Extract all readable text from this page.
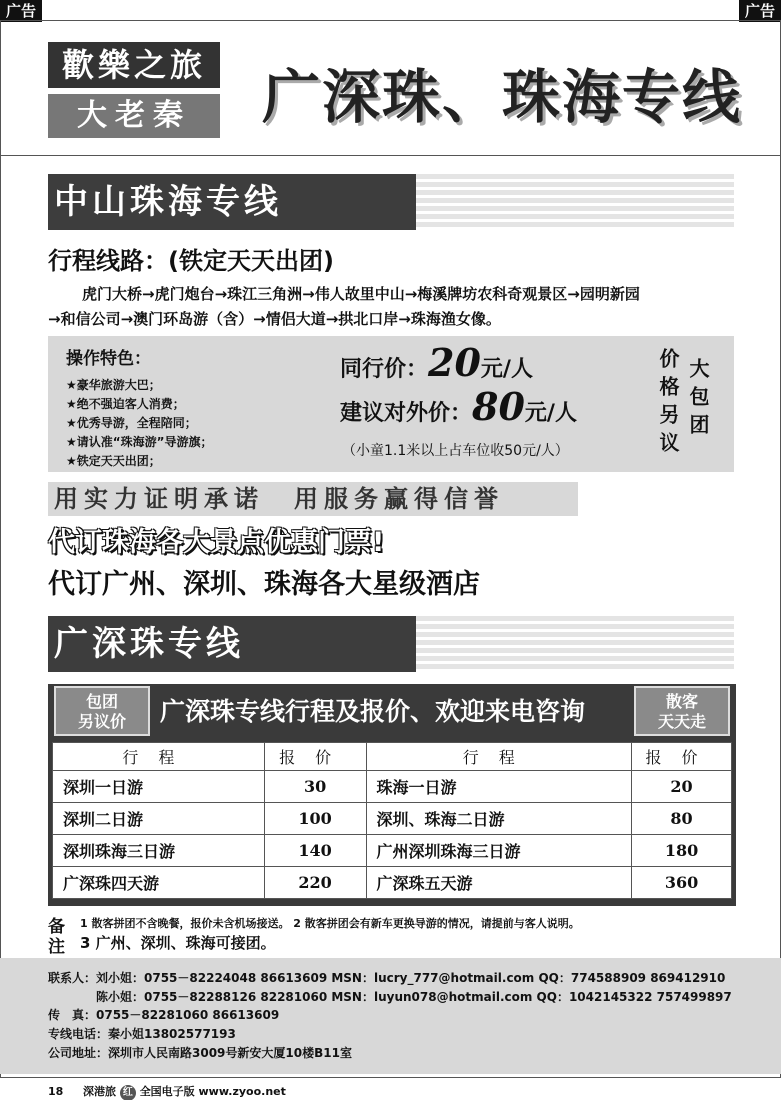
广告	广告
歡樂之旅
大老秦	广深珠、珠海专线
中山珠海专线
行程线路：(铁定天天出团)
虎门大桥→虎门炮台→珠江三角洲→伟人故里中山→梅溪牌坊农科奇观景区→园明新园
→和信公司→澳门环岛游（含）→情侣大道→拱北口岸→珠海渔女像。
操作特色：
★豪华旅游大巴；
★绝不强迫客人消费；
★优秀导游，全程陪同；
★请认准“珠海游”导游旗；
★铁定天天出团；
同行价：20元/人
建议对外价：80元/人
（小童1.1米以上占车位收50元/人）	价格另议 大包团
用实力证明承诺 用服务赢得信誉
代订珠海各大景点优惠门票!
代订广州、深圳、珠海各大星级酒店
广深珠专线
包团
另议价	广深珠专线行程及报价、欢迎来电咨询	散客
天天走
行程	报价	行程	报价
深圳一日游	30	珠海一日游	20
深圳二日游	100	深圳、珠海二日游	80
深圳珠海三日游	140	广州深圳珠海三日游	180
广深珠四天游	220	广深珠五天游	360
备
注
1 散客拼团不含晚餐，报价未含机场接送。 2 散客拼团会有新车更换导游的情况，请提前与客人说明。
3 广州、深圳、珠海可接团。
联系人：刘小姐：0755－82224048 86613609 MSN：lucry_777@hotmail.com QQ：774588909 869412910
　　　　陈小姐：0755－82288126 82281060 MSN：luyun078@hotmail.com QQ：1042145322 757499897
传　真：0755－82281060 86613609
专线电话：秦小姐13802577193
公司地址：深圳市人民南路3009号新安大厦10楼B11室
18 深港旅 红 全国电子版 www.zyoo.net
